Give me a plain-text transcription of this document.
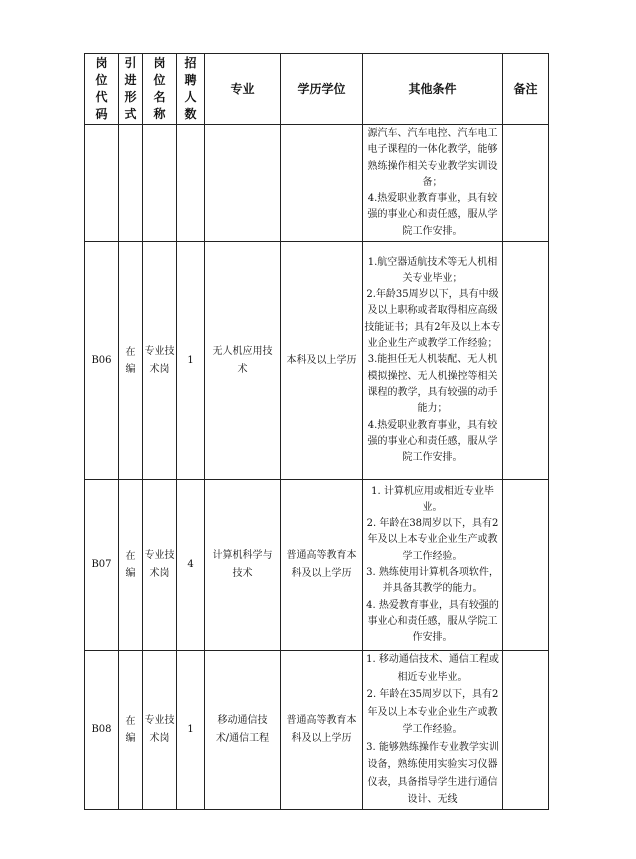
岗位代码	引进形式	岗位名称	招聘人数	专业	学历学位	其他条件	备注

						源汽车、汽车电控、汽车电工电子课程的一体化教学，能够熟练操作相关专业教学实训设备；
4.热爱职业教育事业，具有较强的事业心和责任感，服从学院工作安排。	

B06	在编	专业技术岗	1	无人机应用技术	本科及以上学历	1.航空器适航技术等无人机相关专业毕业；
2.年龄35周岁以下，具有中级及以上职称或者取得相应高级技能证书；具有2年及以上本专业企业生产或教学工作经验；
3.能担任无人机装配、无人机模拟操控、无人机操控等相关课程的教学，具有较强的动手能力；
4.热爱职业教育事业，具有较强的事业心和责任感，服从学院工作安排。	

B07	在编	专业技术岗	4	计算机科学与技术	普通高等教育本科及以上学历	1. 计算机应用或相近专业毕业。
2. 年龄在38周岁以下，具有2年及以上本专业企业生产或教学工作经验。
3. 熟练使用计算机各项软件，并具备其教学的能力。
4. 热爱教育事业，具有较强的事业心和责任感，服从学院工作安排。	

B08	在编	专业技术岗	1	移动通信技术/通信工程	普通高等教育本科及以上学历	1. 移动通信技术、通信工程或相近专业毕业。
2. 年龄在35周岁以下，具有2年及以上本专业企业生产或教学工作经验。
3. 能够熟练操作专业教学实训设备，熟练使用实验实习仪器仪表，具备指导学生进行通信设计、无线	
